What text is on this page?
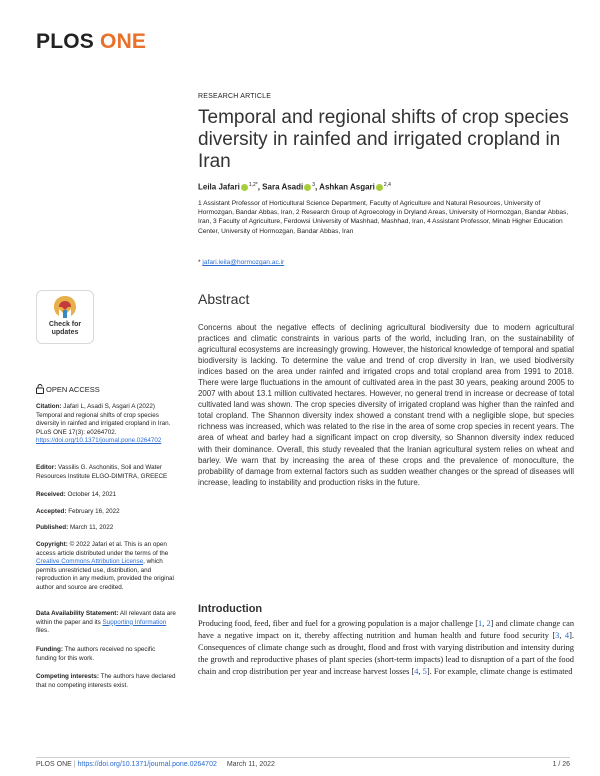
PLOS ONE
Check for
updates
OPEN ACCESS
Citation: Jafari L, Asadi S, Asgari A (2022) Temporal and regional shifts of crop species diversity in rainfed and irrigated cropland in Iran. PLoS ONE 17(3): e0264702. https://doi.org/10.1371/journal.pone.0264702
Editor: Vassilis G. Aschonitis, Soil and Water Resources Institute ELGO-DIMITRA, GREECE
Received: October 14, 2021
Accepted: February 16, 2022
Published: March 11, 2022
Copyright: © 2022 Jafari et al. This is an open access article distributed under the terms of the Creative Commons Attribution License, which permits unrestricted use, distribution, and reproduction in any medium, provided the original author and source are credited.
Data Availability Statement: All relevant data are within the paper and its Supporting Information files.
Funding: The authors received no specific funding for this work.
Competing interests: The authors have declared that no competing interests exist.
RESEARCH ARTICLE
Temporal and regional shifts of crop species diversity in rainfed and irrigated cropland in Iran
Leila Jafari $^{1,2*}$, Sara Asadi $^3$, Ashkan Asgari $^{2,4}$
1 Assistant Professor of Horticultural Science Department, Faculty of Agriculture and Natural Resources, University of Hormozgan, Bandar Abbas, Iran, 2 Research Group of Agroecology in Dryland Areas, University of Hormozgan, Bandar Abbas, Iran, 3 Faculty of Agriculture, Ferdowsi University of Mashhad, Mashhad, Iran, 4 Assistant Professor, Minab Higher Education Center, University of Hormozgan, Bandar Abbas, Iran
* jafari.leila@hormozgan.ac.ir
Abstract
Concerns about the negative effects of declining agricultural biodiversity due to modern agricultural practices and climatic constraints in various parts of the world, including Iran, on the sustainability of agricultural ecosystems are increasingly growing. However, the historical knowledge of temporal and spatial biodiversity is lacking. To determine the value and trend of crop diversity in Iran, we used biodiversity indices based on the area under rainfed and irrigated crops and total cropland area from 1991 to 2018. There were large fluctuations in the amount of cultivated area in the past 30 years, peaking around 2005 to 2007 with about 13.1 million cultivated hectares. However, no general trend in increase or decrease of total cultivated land was shown. The crop species diversity of irrigated cropland was higher than the rainfed and total cropland. The Shannon diversity index showed a constant trend with a negligible slope, but species richness was increased, which was related to the rise in the area of some crop species in recent years. The area of wheat and barley had a significant impact on crop diversity, so Shannon diversity index reduced with their dominance. Overall, this study revealed that the Iranian agricultural system relies on wheat and barley. We warn that by increasing the area of these crops and the prevalence of monoculture, the probability of damage from external factors such as sudden weather changes or the spread of diseases will increase, leading to instability and production risks in the future.
Introduction
Producing food, feed, fiber and fuel for a growing population is a major challenge [1, 2] and climate change can have a negative impact on it, thereby affecting nutrition and human health and future food security [3, 4]. Consequences of climate change such as drought, flood and frost with varying distribution and intensity during the growth and reproductive phases of plant species (short-term impacts) lead to disruption of a part of the food chain and crop distribution per year and increase harvest losses [4, 5]. For example, climate change is estimated
PLOS ONE | https://doi.org/10.1371/journal.pone.0264702 March 11, 2022	1 / 26
